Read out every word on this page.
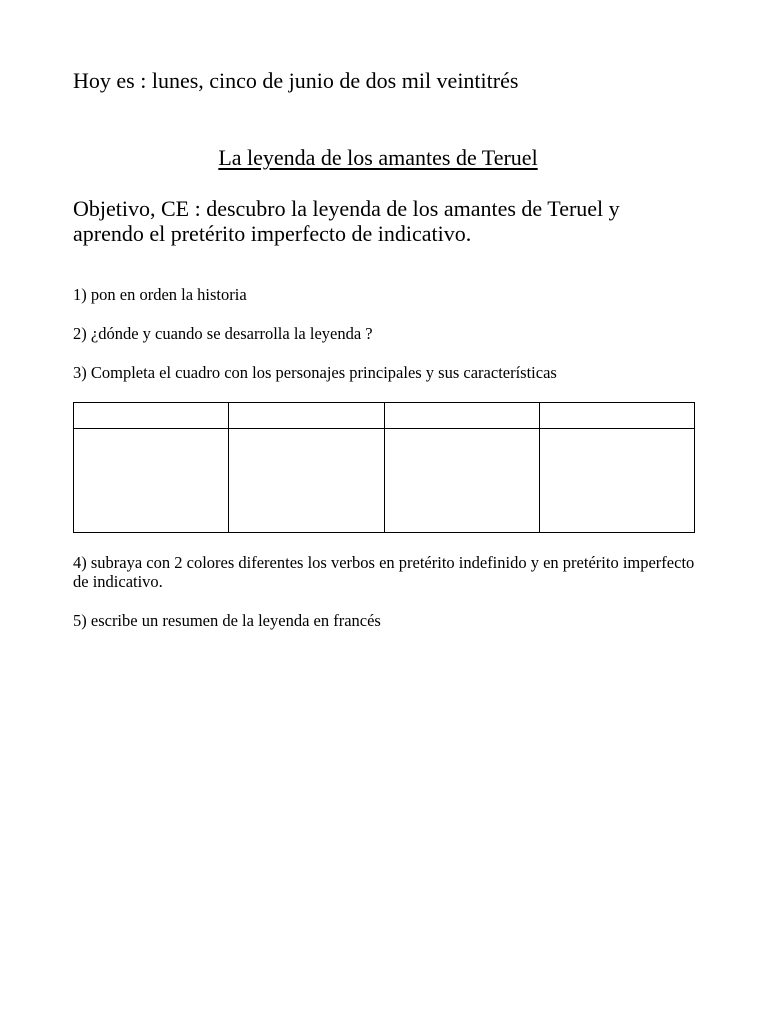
Hoy es : lunes, cinco de junio de dos mil veintitrés
La leyenda de los amantes de Teruel
Objetivo, CE : descubro la leyenda de los amantes de Teruel y aprendo el pretérito imperfecto de indicativo.
1) pon en orden la historia
2) ¿dónde y cuando se desarrolla la leyenda ?
3) Completa el cuadro con los personajes principales y sus características

4) subraya con 2 colores diferentes los verbos en pretérito indefinido y en pretérito imperfecto de indicativo.
5) escribe un resumen de la leyenda en francés
